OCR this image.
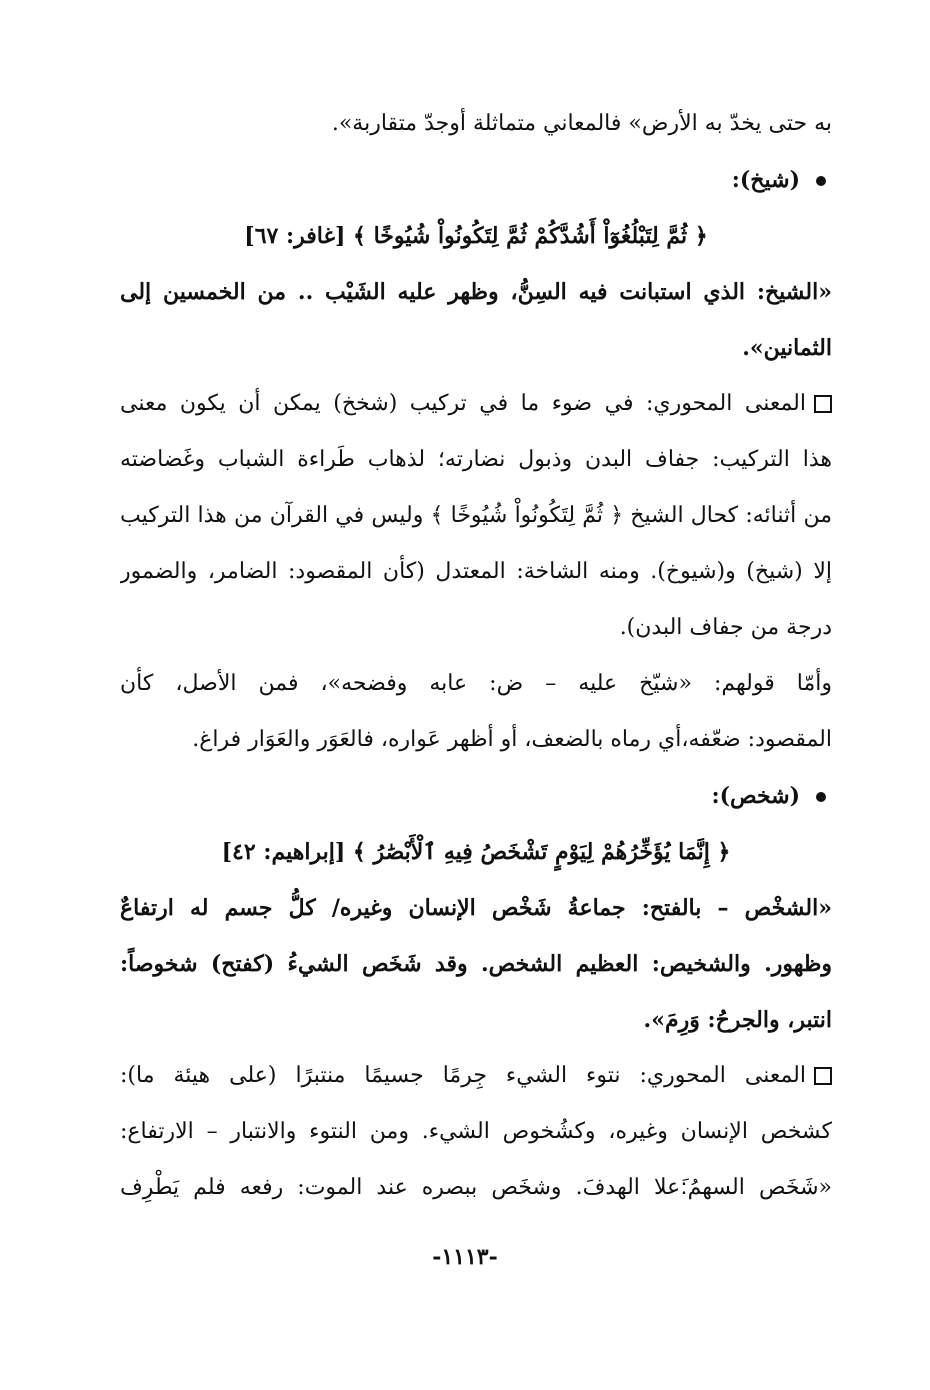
به حتى يخدّ به الأرض» فالمعاني متماثلة أوجدّ متقاربة».
(شيخ):
﴿ ثُمَّ لِتَبْلُغُوٓاْ أَشُدَّكُمْ ثُمَّ لِتَكُونُواْ شُيُوخًا ﴾ [غافر: ٦٧]
«الشيخ: الذي استبانت فيه السِنُّ، وظهر عليه الشَيْب .. من الخمسين إلى
الثمانين».
المعنى المحوري: في ضوء ما في تركيب (شخخ) يمكن أن يكون معنى
هذا التركيب: جفاف البدن وذبول نضارته؛ لذهاب طَراءة الشباب وغَضاضته
من أثنائه: كحال الشيخ ﴿ ثُمَّ لِتَكُونُواْ شُيُوخًا ﴾ وليس في القرآن من هذا التركيب
إلا (شيخ) و(شيوخ). ومنه الشاخة: المعتدل (كأن المقصود: الضامر، والضمور
درجة من جفاف البدن).
وأمّا قولهم: «شيّخ عليه – ض: عابه وفضحه»، فمن الأصل، كأن
المقصود: ضعّفه،أي رماه بالضعف، أو أظهر عَواره، فالعَوَر والعَوَار فراغ.
(شخص):
﴿ إِنَّمَا يُؤَخِّرُهُمْ لِيَوْمٍ تَشْخَصُ فِيهِ ٱلْأَبْصَٰرُ ﴾ [إبراهيم: ٤٢]
«الشخْص – بالفتح: جماعةُ شَخْص الإنسان وغيره/ كلُّ جسم له ارتفاعٌ
وظهور. والشخيص: العظيم الشخص. وقد شَخَص الشيءُ (كفتح) شخوصاً:
انتبر، والجرحُ: وَرِمَ».
المعنى المحوري: نتوء الشيء جِرمًا جسيمًا منتبرًا (على هيئة ما):
كشخص الإنسان وغيره، وكشُخوص الشيء. ومن النتوء والانتبار – الارتفاع:
«شَخَص السهمُ:َعلا الهدفَ. وشخَص ببصره عند الموت: رفعه فلم يَطْرِف
-١١١٣-
